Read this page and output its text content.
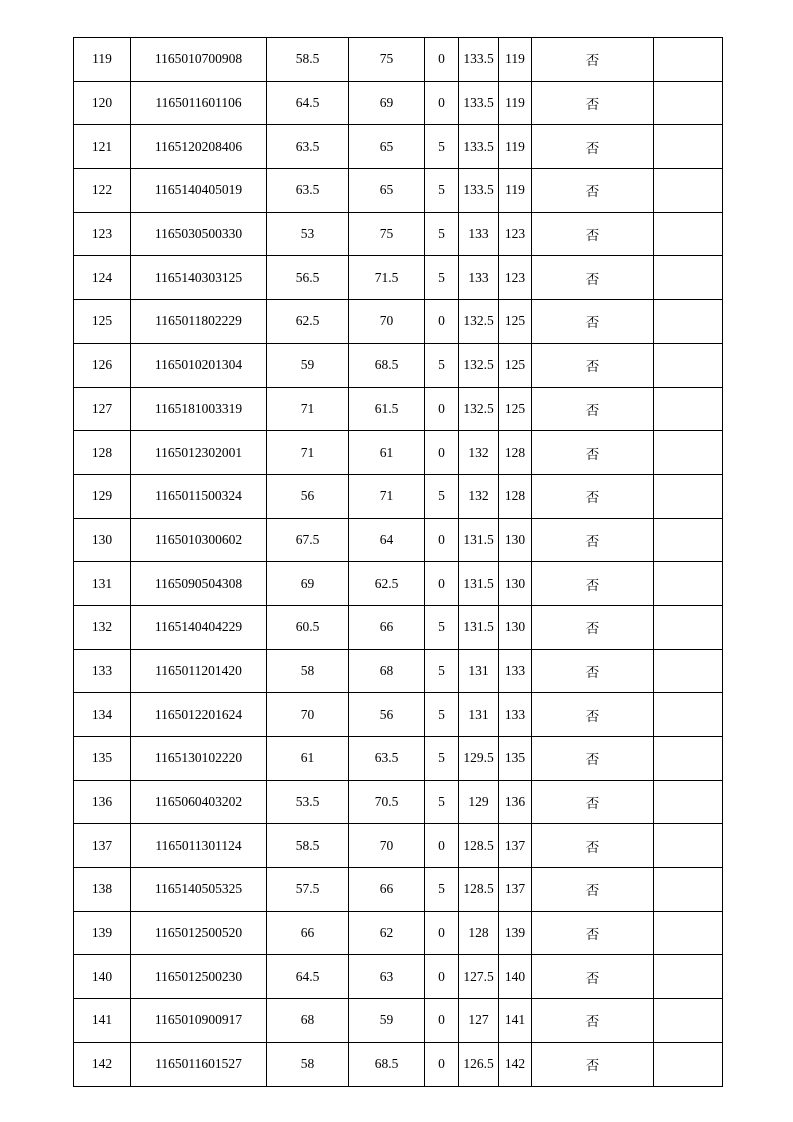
119	1165010700908	58.5	75	0	133.5	119	否	
120	1165011601106	64.5	69	0	133.5	119	否	
121	1165120208406	63.5	65	5	133.5	119	否	
122	1165140405019	63.5	65	5	133.5	119	否	
123	1165030500330	53	75	5	133	123	否	
124	1165140303125	56.5	71.5	5	133	123	否	
125	1165011802229	62.5	70	0	132.5	125	否	
126	1165010201304	59	68.5	5	132.5	125	否	
127	1165181003319	71	61.5	0	132.5	125	否	
128	1165012302001	71	61	0	132	128	否	
129	1165011500324	56	71	5	132	128	否	
130	1165010300602	67.5	64	0	131.5	130	否	
131	1165090504308	69	62.5	0	131.5	130	否	
132	1165140404229	60.5	66	5	131.5	130	否	
133	1165011201420	58	68	5	131	133	否	
134	1165012201624	70	56	5	131	133	否	
135	1165130102220	61	63.5	5	129.5	135	否	
136	1165060403202	53.5	70.5	5	129	136	否	
137	1165011301124	58.5	70	0	128.5	137	否	
138	1165140505325	57.5	66	5	128.5	137	否	
139	1165012500520	66	62	0	128	139	否	
140	1165012500230	64.5	63	0	127.5	140	否	
141	1165010900917	68	59	0	127	141	否	
142	1165011601527	58	68.5	0	126.5	142	否	
